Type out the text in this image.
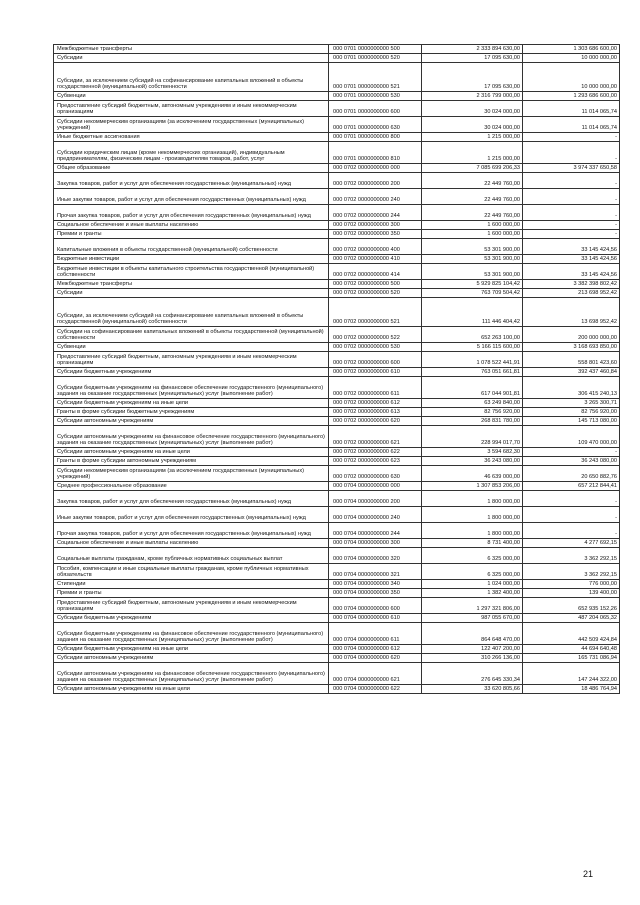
Межбюджетные трансферты	000 0701 0000000000 500	2 333 894 630,00	1 303 686 600,00
Субсидии	000 0701 0000000000 520	17 095 630,00	10 000 000,00
Субсидии, за исключением субсидий на софинансирование капитальных вложений в объекты государственной (муниципальной) собственности	000 0701 0000000000 521	17 095 630,00	10 000 000,00
Субвенции	000 0701 0000000000 530	2 316 799 000,00	1 293 686 600,00
Предоставление субсидий бюджетным, автономным учреждениям и иным некоммерческим организациям	000 0701 0000000000 600	30 024 000,00	11 014 065,74
Субсидии некоммерческим организациям (за исключением государственных (муниципальных) учреждений)	000 0701 0000000000 630	30 024 000,00	11 014 065,74
Иные бюджетные ассигнования	000 0701 0000000000 800	1 215 000,00	-
Субсидии юридическим лицам (кроме некоммерческих организаций), индивидуальным предпринимателям, физическим лицам - производителям товаров, работ, услуг	000 0701 0000000000 810	1 215 000,00	-
Общее образование	000 0702 0000000000 000	7 085 699 206,33	3 974 337 650,58
Закупка товаров, работ и услуг для обеспечения государственных (муниципальных) нужд	000 0702 0000000000 200	22 449 760,00	-
Иные закупки товаров, работ и услуг для обеспечения государственных (муниципальных) нужд	000 0702 0000000000 240	22 449 760,00	-
Прочая закупка товаров, работ и услуг для обеспечения государственных (муниципальных) нужд	000 0702 0000000000 244	22 449 760,00	-
Социальное обеспечение и иные выплаты населению	000 0702 0000000000 300	1 600 000,00	-
Премии и гранты	000 0702 0000000000 350	1 600 000,00	-
Капитальные вложения в объекты государственной (муниципальной) собственности	000 0702 0000000000 400	53 301 900,00	33 145 424,56
Бюджетные инвестиции	000 0702 0000000000 410	53 301 900,00	33 145 424,56
Бюджетные инвестиции в объекты капитального строительства государственной (муниципальной) собственности	000 0702 0000000000 414	53 301 900,00	33 145 424,56
Межбюджетные трансферты	000 0702 0000000000 500	5 929 825 104,42	3 382 398 802,42
Субсидии	000 0702 0000000000 520	763 709 504,42	213 698 952,42
Субсидии, за исключением субсидий на софинансирование капитальных вложений в объекты государственной (муниципальной) собственности	000 0702 0000000000 521	111 446 404,42	13 698 952,42
Субсидии на софинансирование капитальных вложений в объекты государственной (муниципальной) собственности	000 0702 0000000000 522	652 263 100,00	200 000 000,00
Субвенции	000 0702 0000000000 530	5 166 115 600,00	3 168 693 850,00
Предоставление субсидий бюджетным, автономным учреждениям и иным некоммерческим организациям	000 0702 0000000000 600	1 078 522 441,91	558 801 423,60
Субсидии бюджетным учреждениям	000 0702 0000000000 610	763 051 661,81	392 437 460,84
Субсидии бюджетным учреждениям на финансовое обеспечение государственного (муниципального) задания на оказание государственных (муниципальных) услуг (выполнение работ)	000 0702 0000000000 611	617 044 901,81	306 415 240,13
Субсидии бюджетным учреждениям на иные цели	000 0702 0000000000 612	63 249 840,00	3 265 300,71
Гранты в форме субсидии бюджетным учреждениям	000 0702 0000000000 613	82 756 920,00	82 756 920,00
Субсидии автономным учреждениям	000 0702 0000000000 620	268 831 780,00	145 713 080,00
Субсидии автономным учреждениям на финансовое обеспечение государственного (муниципального) задания на оказание государственных (муниципальных) услуг (выполнение работ)	000 0702 0000000000 621	228 994 017,70	109 470 000,00
Субсидии автономным учреждениям на иные цели	000 0702 0000000000 622	3 594 682,30	-
Гранты в форме субсидии автономным учреждениям	000 0702 0000000000 623	36 243 080,00	36 243 080,00
Субсидии некоммерческим организациям (за исключением государственных (муниципальных) учреждений)	000 0702 0000000000 630	46 639 000,00	20 650 882,76
Среднее профессиональное образование	000 0704 0000000000 000	1 307 853 206,00	657 212 844,41
Закупка товаров, работ и услуг для обеспечения государственных (муниципальных) нужд	000 0704 0000000000 200	1 800 000,00	-
Иные закупки товаров, работ и услуг для обеспечения государственных (муниципальных) нужд	000 0704 0000000000 240	1 800 000,00	-
Прочая закупка товаров, работ и услуг для обеспечения государственных (муниципальных) нужд	000 0704 0000000000 244	1 800 000,00	-
Социальное обеспечение и иные выплаты населению	000 0704 0000000000 300	8 731 400,00	4 277 692,15
Социальные выплаты гражданам, кроме публичных нормативных социальных выплат	000 0704 0000000000 320	6 325 000,00	3 362 292,15
Пособия, компенсации и иные социальные выплаты гражданам, кроме публичных нормативных обязательств	000 0704 0000000000 321	6 325 000,00	3 362 292,15
Стипендии	000 0704 0000000000 340	1 024 000,00	776 000,00
Премии и гранты	000 0704 0000000000 350	1 382 400,00	139 400,00
Предоставление субсидий бюджетным, автономным учреждениям и иным некоммерческим организациям	000 0704 0000000000 600	1 297 321 806,00	652 935 152,26
Субсидии бюджетным учреждениям	000 0704 0000000000 610	987 055 670,00	487 204 065,32
Субсидии бюджетным учреждениям на финансовое обеспечение государственного (муниципального) задания на оказание государственных (муниципальных) услуг (выполнение работ)	000 0704 0000000000 611	864 648 470,00	442 509 424,84
Субсидии бюджетным учреждениям на иные цели	000 0704 0000000000 612	122 407 200,00	44 694 640,48
Субсидии автономным учреждениям	000 0704 0000000000 620	310 266 136,00	165 731 086,94
Субсидии автономным учреждениям на финансовое обеспечение государственного (муниципального) задания на оказание государственных (муниципальных) услуг (выполнение работ)	000 0704 0000000000 621	276 645 330,34	147 244 322,00
Субсидии автономным учреждениям на иные цели	000 0704 0000000000 622	33 620 805,66	18 486 764,94
21
